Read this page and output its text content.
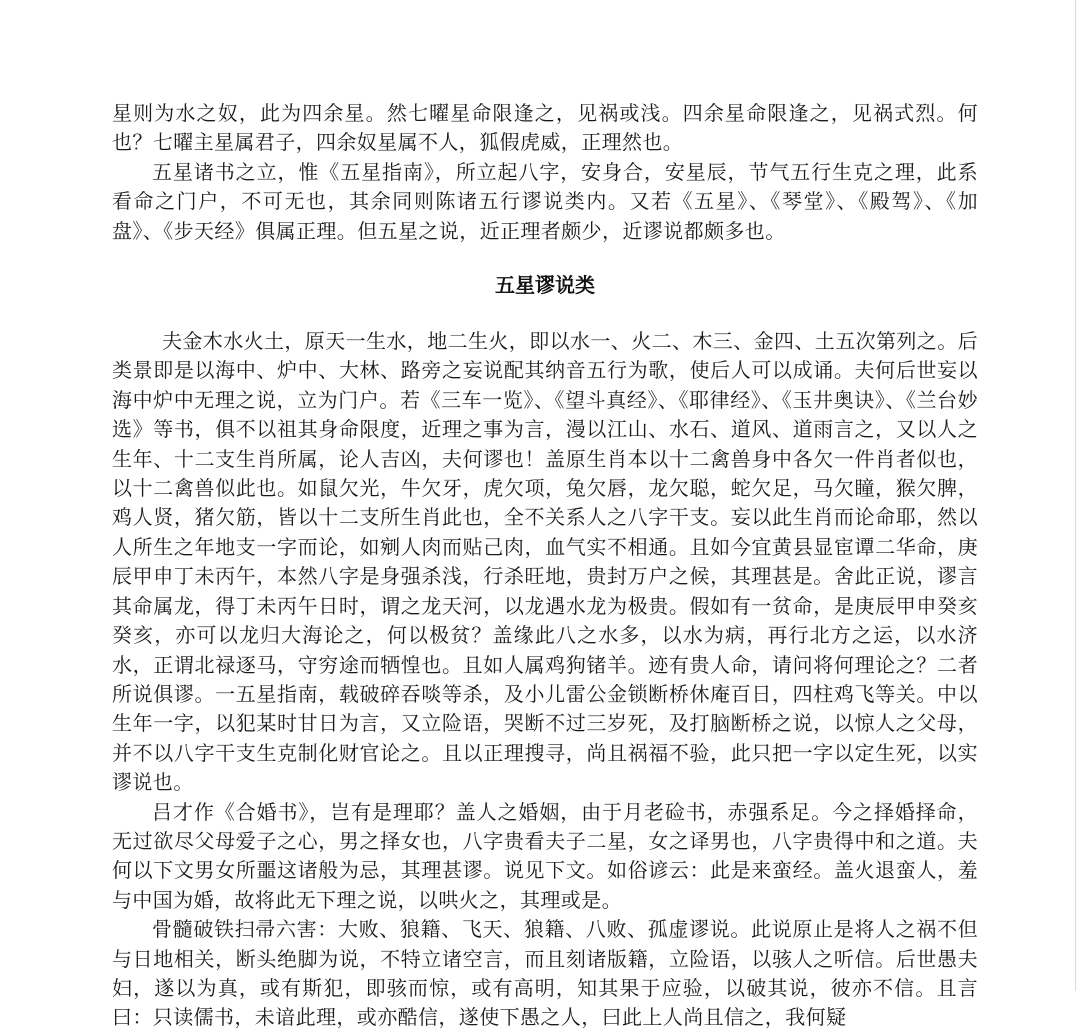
星则为水之奴，此为四余星。然七曜星命限逢之，见祸或浅。四余星命限逢之，见祸式烈。何也？七曜主星属君子，四余奴星属不人，狐假虎威，正理然也。

五星诸书之立，惟《五星指南》，所立起八字，安身合，安星辰，节气五行生克之理，此系看命之门户，不可无也，其余同则陈诸五行谬说类内。又若《五星》、《琴堂》、《殿驾》、《加盘》、《步天经》俱属正理。但五星之说，近正理者颇少，近谬说都颇多也。

五星谬说类

夫金木水火土，原天一生水，地二生火，即以水一、火二、木三、金四、土五次第列之。后类景即是以海中、炉中、大林、路旁之妄说配其纳音五行为歌，使后人可以成诵。夫何后世妄以海中炉中无理之说，立为门户。若《三车一览》、《望斗真经》、《耶律经》、《玉井奥诀》、《兰台妙选》等书，俱不以祖其身命限度，近理之事为言，漫以江山、水石、道风、道雨言之，又以人之生年、十二支生肖所属，论人吉凶，夫何谬也！盖原生肖本以十二禽兽身中各欠一件肖者似也，以十二禽兽似此也。如鼠欠光，牛欠牙，虎欠项，兔欠唇，龙欠聪，蛇欠足，马欠瞳，猴欠脾，鸡人贤，猪欠筋，皆以十二支所生肖此也，全不关系人之八字干支。妄以此生肖而论命耶，然以人所生之年地支一字而论，如剜人肉而贴己肉，血气实不相通。且如今宜黄县显宦谭二华命，庚辰甲申丁未丙午，本然八字是身强杀浅，行杀旺地，贵封万户之候，其理甚是。舍此正说，谬言其命属龙，得丁未丙午日时，谓之龙天河，以龙遇水龙为极贵。假如有一贫命，是庚辰甲申癸亥癸亥，亦可以龙归大海论之，何以极贫？盖缘此八之水多，以水为病，再行北方之运，以水济水，正谓北禄逐马，守穷途而牺惶也。且如人属鸡狗锗羊。迹有贵人命，请问将何理论之？二者所说俱谬。一五星指南，载破碎吞啖等杀，及小儿雷公金锁断桥休庵百日，四柱鸡飞等关。中以生年一字，以犯某时甘日为言，又立险语，哭断不过三岁死，及打脑断桥之说，以惊人之父母，并不以八字干支生克制化财官论之。且以正理搜寻，尚且祸福不验，此只把一字以定生死，以实谬说也。

吕才作《合婚书》，岂有是理耶？盖人之婚姻，由于月老硷书，赤强系足。今之择婚择命，无过欲尽父母爱子之心，男之择女也，八字贵看夫子二星，女之译男也，八字贵得中和之道。夫何以下文男女所噩这诸般为忌，其理甚谬。说见下文。如俗谚云：此是来蛮经。盖火退蛮人，羞与中国为婚，故将此无下理之说，以哄火之，其理或是。

骨髓破铁扫帚六害：大败、狼籍、飞天、狼籍、八败、孤虚谬说。此说原止是将人之祸不但与日地相关，断头绝脚为说，不特立诸空言，而且刻诸版籍，立险语，以骇人之听信。后世愚夫妇，遂以为真，或有斯犯，即骇而惊，或有高明，知其果于应验，以破其说，彼亦不信。且言曰：只读儒书，未谙此理，或亦酷信，遂使下愚之人，曰此上人尚且信之，我何疑
